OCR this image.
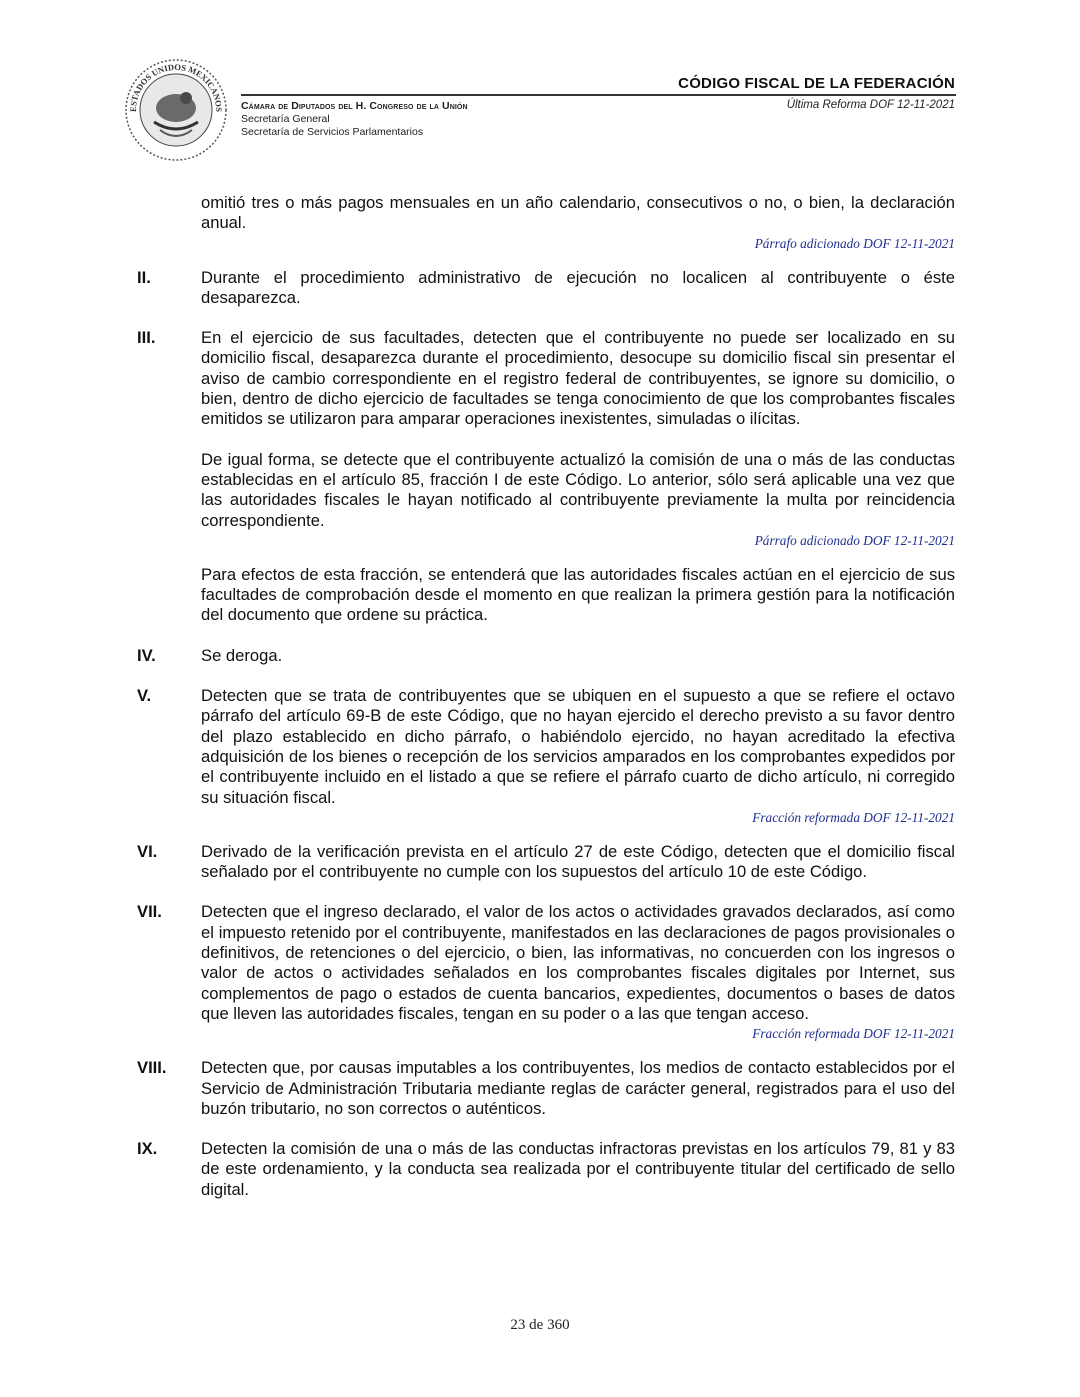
ESTADOS UNIDOS MEXICANOS Cámara de Diputados del H. Congreso de la Unión
Secretaría General
Secretaría de Servicios Parlamentarios
CÓDIGO FISCAL DE LA FEDERACIÓN
Última Reforma DOF 12-11-2021

omitió tres o más pagos mensuales en un año calendario, consecutivos o no, o bien, la declaración anual.

Párrafo adicionado DOF 12-11-2021
II.	Durante el procedimiento administrativo de ejecución no localicen al contribuyente o éste desaparezca.

III.	En el ejercicio de sus facultades, detecten que el contribuyente no puede ser localizado en su domicilio fiscal, desaparezca durante el procedimiento, desocupe su domicilio fiscal sin presentar el aviso de cambio correspondiente en el registro federal de contribuyentes, se ignore su domicilio, o bien, dentro de dicho ejercicio de facultades se tenga conocimiento de que los comprobantes fiscales emitidos se utilizaron para amparar operaciones inexistentes, simuladas o ilícitas.

De igual forma, se detecte que el contribuyente actualizó la comisión de una o más de las conductas establecidas en el artículo 85, fracción I de este Código. Lo anterior, sólo será aplicable una vez que las autoridades fiscales le hayan notificado al contribuyente previamente la multa por reincidencia correspondiente.

Párrafo adicionado DOF 12-11-2021

Para efectos de esta fracción, se entenderá que las autoridades fiscales actúan en el ejercicio de sus facultades de comprobación desde el momento en que realizan la primera gestión para la notificación del documento que ordene su práctica.

IV.	Se deroga.

V.	Detecten que se trata de contribuyentes que se ubiquen en el supuesto a que se refiere el octavo párrafo del artículo 69-B de este Código, que no hayan ejercido el derecho previsto a su favor dentro del plazo establecido en dicho párrafo, o habiéndolo ejercido, no hayan acreditado la efectiva adquisición de los bienes o recepción de los servicios amparados en los comprobantes expedidos por el contribuyente incluido en el listado a que se refiere el párrafo cuarto de dicho artículo, ni corregido su situación fiscal.

Fracción reformada DOF 12-11-2021
VI.	Derivado de la verificación prevista en el artículo 27 de este Código, detecten que el domicilio fiscal señalado por el contribuyente no cumple con los supuestos del artículo 10 de este Código.

VII.	Detecten que el ingreso declarado, el valor de los actos o actividades gravados declarados, así como el impuesto retenido por el contribuyente, manifestados en las declaraciones de pagos provisionales o definitivos, de retenciones o del ejercicio, o bien, las informativas, no concuerden con los ingresos o valor de actos o actividades señalados en los comprobantes fiscales digitales por Internet, sus complementos de pago o estados de cuenta bancarios, expedientes, documentos o bases de datos que lleven las autoridades fiscales, tengan en su poder o a las que tengan acceso.

Fracción reformada DOF 12-11-2021
VIII.	Detecten que, por causas imputables a los contribuyentes, los medios de contacto establecidos por el Servicio de Administración Tributaria mediante reglas de carácter general, registrados para el uso del buzón tributario, no son correctos o auténticos.

IX.	Detecten la comisión de una o más de las conductas infractoras previstas en los artículos 79, 81 y 83 de este ordenamiento, y la conducta sea realizada por el contribuyente titular del certificado de sello digital.

23 de 360
